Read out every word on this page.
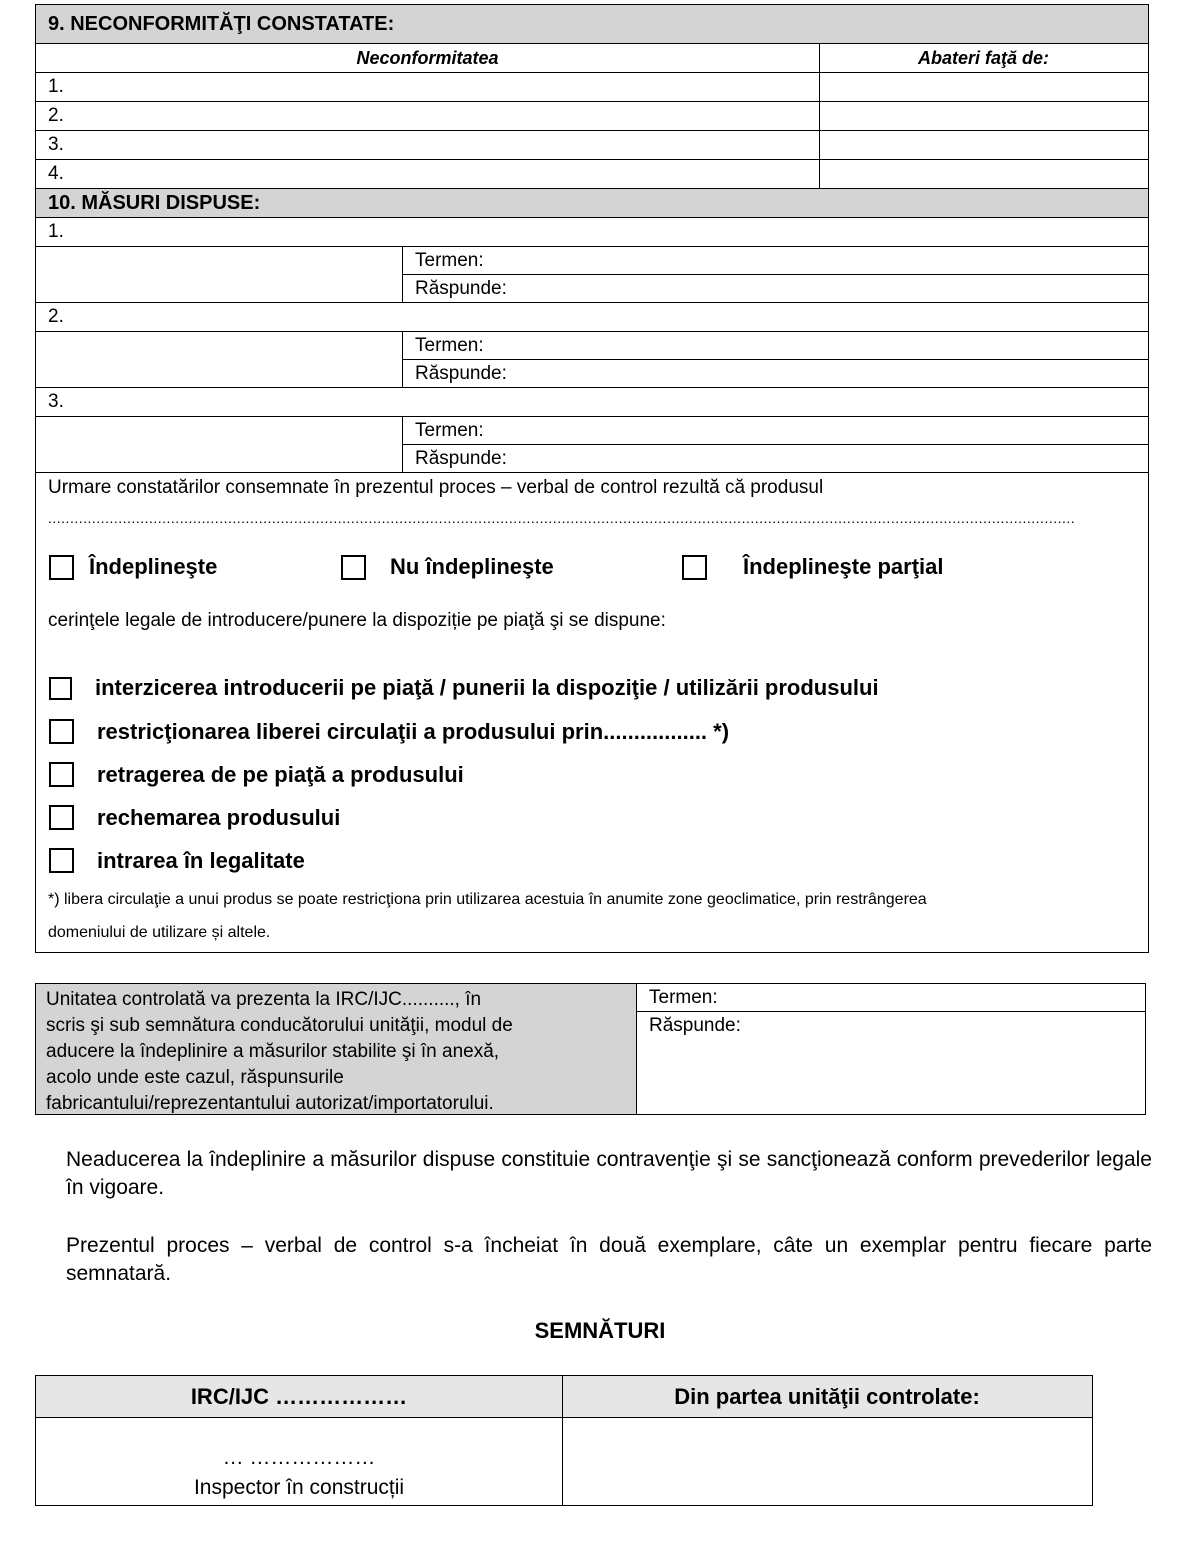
9. NECONFORMITĂŢI CONSTATATE:
Neconformitatea	Abateri faţă de:
1.
2.
3.
4.
10. MĂSURI DISPUSE:
1.
Termen:
Răspunde:
2.
Termen:
Răspunde:
3.
Termen:
Răspunde:
Urmare constatărilor consemnate în prezentul proces – verbal de control rezultă că produsul
..........................................................................................................................................................................................................................................
Îndeplineşte	Nu îndeplineşte	Îndeplineşte parţial
cerinţele legale de introducere/punere la dispoziție pe piaţă şi se dispune:
interzicerea introducerii pe piaţă / punerii la dispoziţie / utilizării produsului
restricţionarea liberei circulaţii a produsului prin................. *)
retragerea de pe piaţă a produsului
rechemarea produsului
intrarea în legalitate
*) libera circulaţie a unui produs se poate restricţiona prin utilizarea acestuia în anumite zone geoclimatice, prin restrângerea
domeniului de utilizare și altele.
Unitatea controlată va prezenta la IRC/IJC.........., în
scris şi sub semnătura conducătorului unităţii, modul de
aducere la îndeplinire a măsurilor stabilite şi în anexă,
acolo unde este cazul, răspunsurile
fabricantului/reprezentantului autorizat/importatorului.
Termen:
Răspunde:
Neaducerea la îndeplinire a măsurilor dispuse constituie contravenţie şi se sancţionează conform prevederilor legale în vigoare.
Prezentul proces – verbal de control s-a încheiat în două exemplare, câte un exemplar pentru fiecare parte semnatară.
SEMNĂTURI
IRC/IJC ………………	Din partea unităţii controlate:
… ………………
Inspector în construcții
